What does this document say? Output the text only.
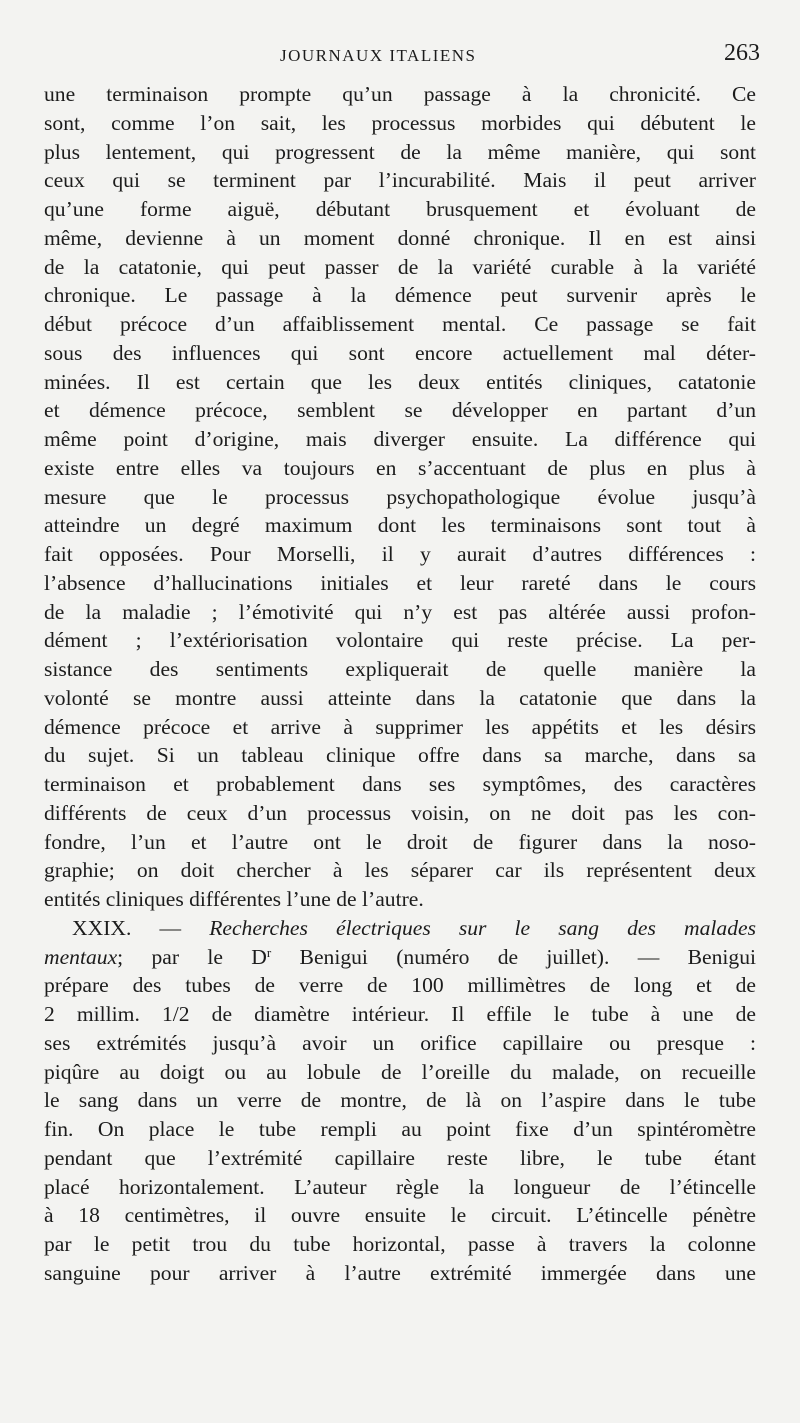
JOURNAUX ITALIENS	263

une terminaison prompte qu’un passage à la chronicité. Ce
sont, comme l’on sait, les processus morbides qui débutent le
plus lentement, qui progressent de la même manière, qui sont
ceux qui se terminent par l’incurabilité. Mais il peut arriver
qu’une forme aiguë, débutant brusquement et évoluant de
même, devienne à un moment donné chronique. Il en est ainsi
de la catatonie, qui peut passer de la variété curable à la variété
chronique. Le passage à la démence peut survenir après le
début précoce d’un affaiblissement mental. Ce passage se fait
sous des influences qui sont encore actuellement mal déter-
minées. Il est certain que les deux entités cliniques, catatonie
et démence précoce, semblent se développer en partant d’un
même point d’origine, mais diverger ensuite. La différence qui
existe entre elles va toujours en s’accentuant de plus en plus à
mesure que le processus psychopathologique évolue jusqu’à
atteindre un degré maximum dont les terminaisons sont tout à
fait opposées. Pour Morselli, il y aurait d’autres différences :
l’absence d’hallucinations initiales et leur rareté dans le cours
de la maladie ; l’émotivité qui n’y est pas altérée aussi profon-
dément ; l’extériorisation volontaire qui reste précise. La per-
sistance des sentiments expliquerait de quelle manière la
volonté se montre aussi atteinte dans la catatonie que dans la
démence précoce et arrive à supprimer les appétits et les désirs
du sujet. Si un tableau clinique offre dans sa marche, dans sa
terminaison et probablement dans ses symptômes, des caractères
différents de ceux d’un processus voisin, on ne doit pas les con-
fondre, l’un et l’autre ont le droit de figurer dans la noso-
graphie; on doit chercher à les séparer car ils représentent deux
entités cliniques différentes l’une de l’autre.

XXIX. — Recherches électriques sur le sang des malades
mentaux; par le $D^r$ Benigui (numéro de juillet). — Benigui
prépare des tubes de verre de 100 millimètres de long et de
2 millim. 1/2 de diamètre intérieur. Il effile le tube à une de
ses extrémités jusqu’à avoir un orifice capillaire ou presque :
piqûre au doigt ou au lobule de l’oreille du malade, on recueille
le sang dans un verre de montre, de là on l’aspire dans le tube
fin. On place le tube rempli au point fixe d’un spintéromètre
pendant que l’extrémité capillaire reste libre, le tube étant
placé horizontalement. L’auteur règle la longueur de l’étincelle
à 18 centimètres, il ouvre ensuite le circuit. L’étincelle pénètre
par le petit trou du tube horizontal, passe à travers la colonne
sanguine pour arriver à l’autre extrémité immergée dans une
